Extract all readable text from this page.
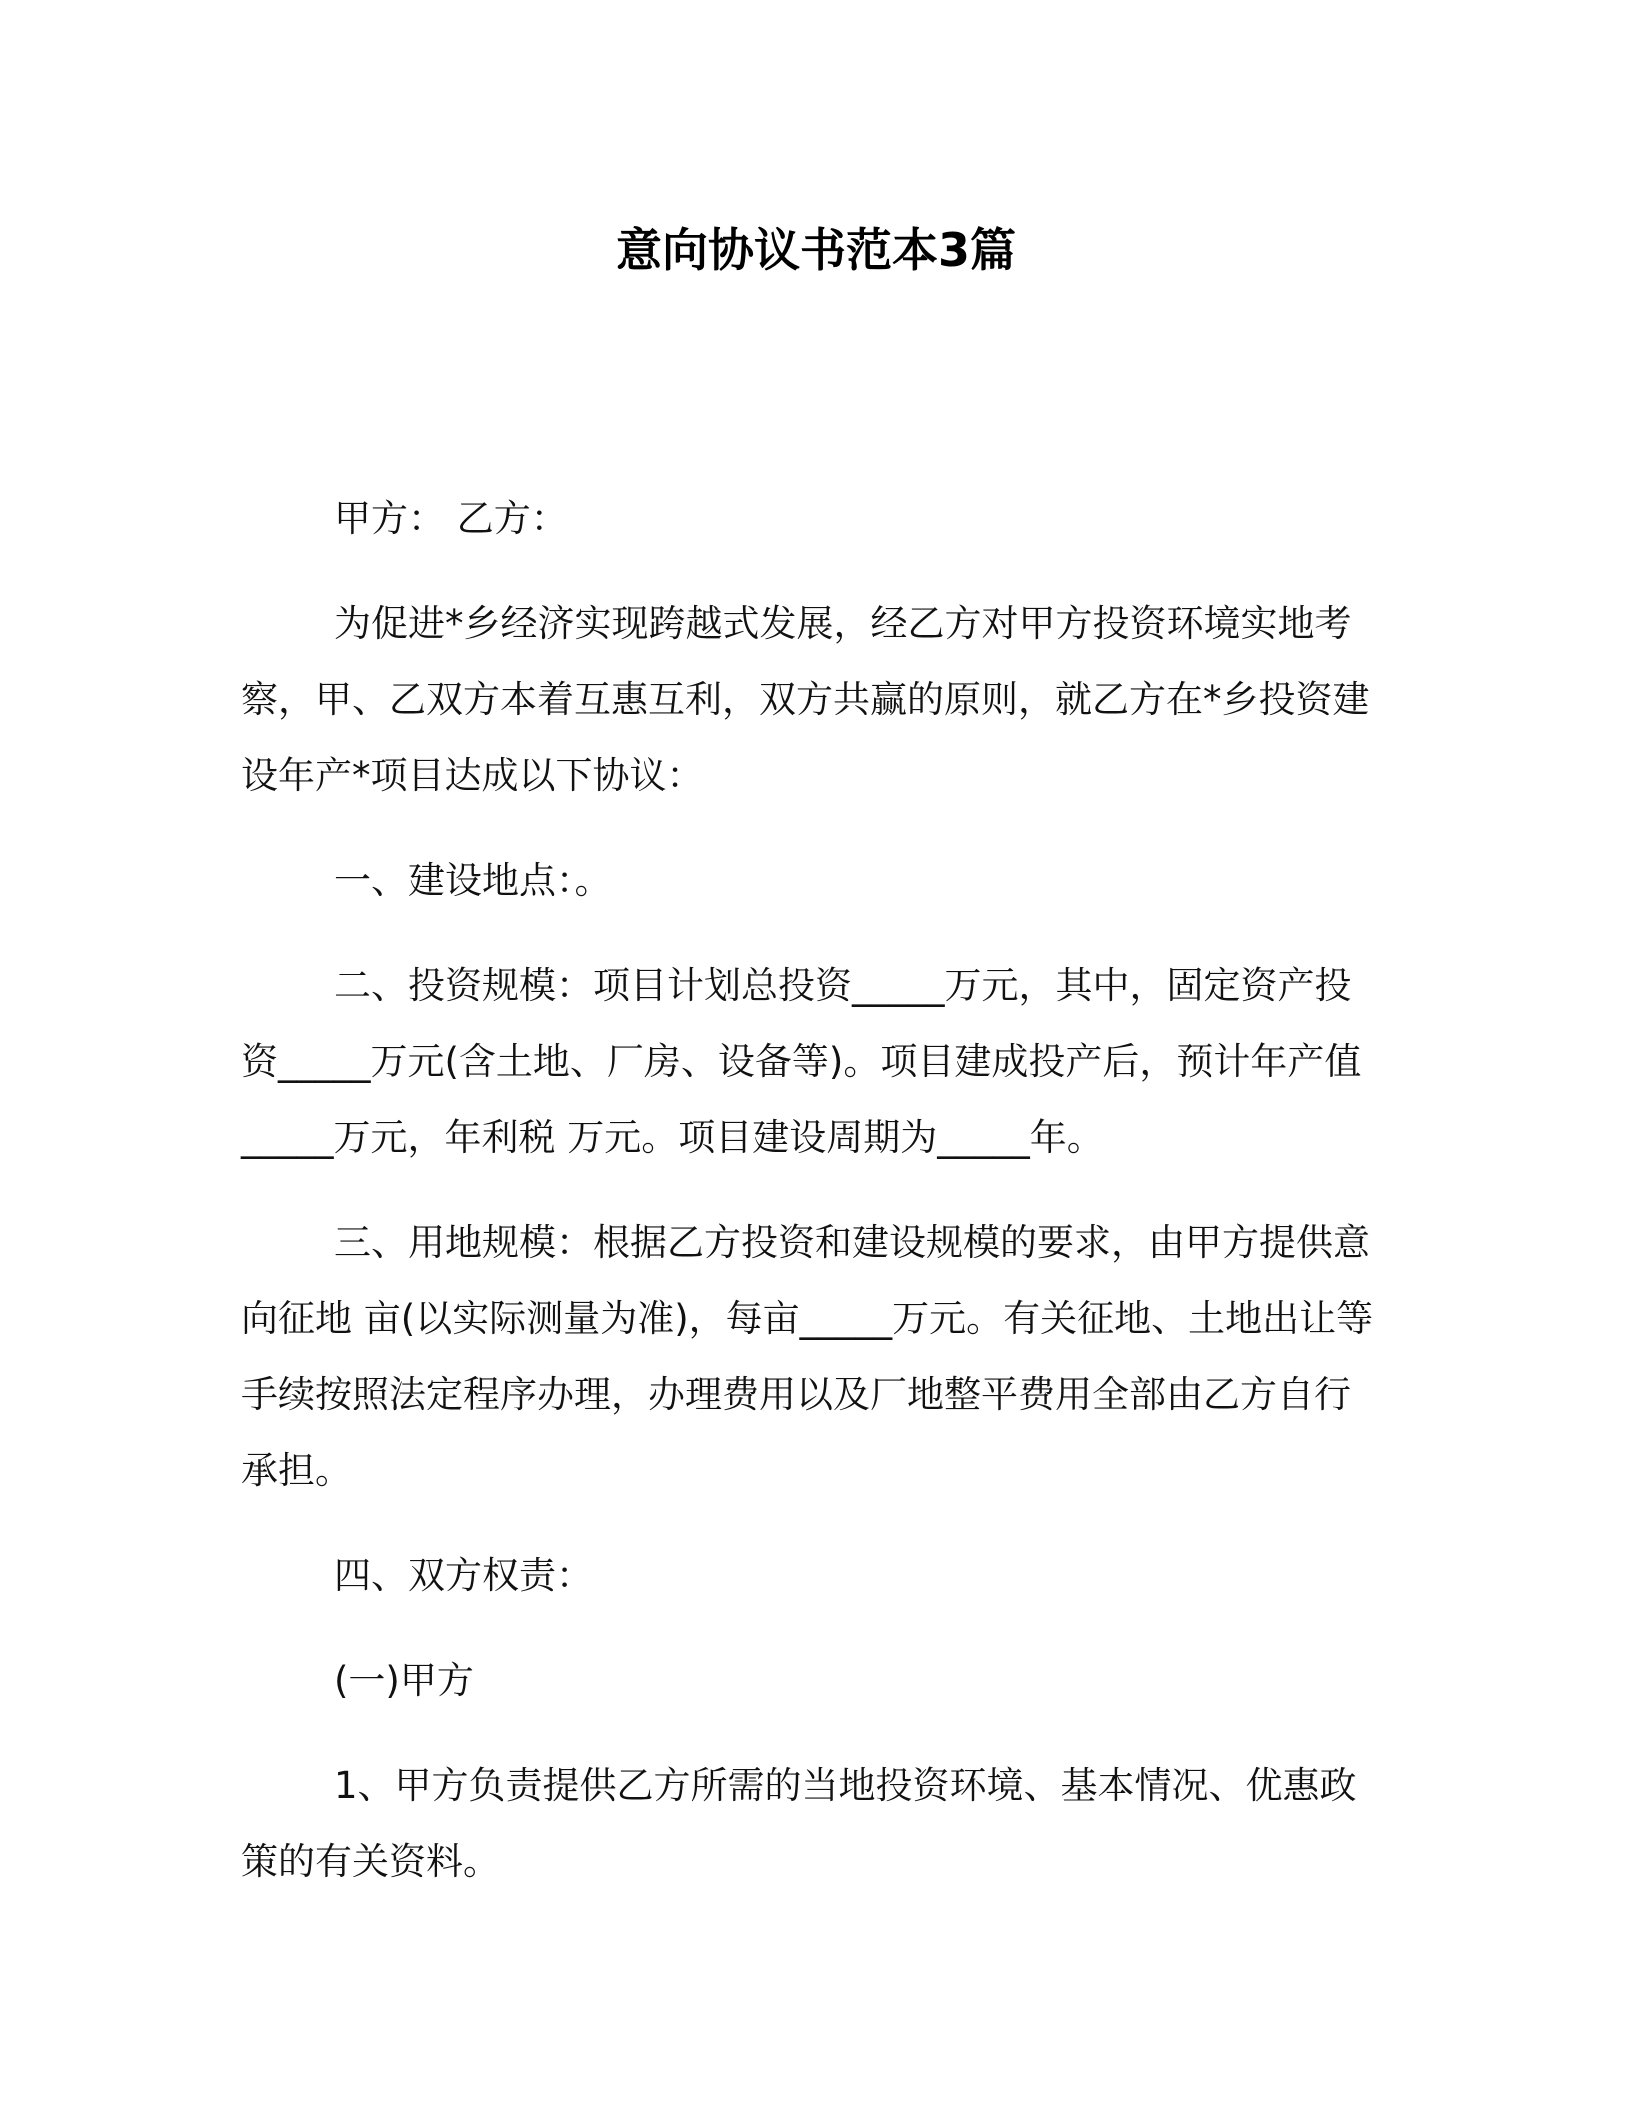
意向协议书范本3篇
甲方： 乙方：
为促进*乡经济实现跨越式发展，经乙方对甲方投资环境实地考
察，甲、乙双方本着互惠互利，双方共赢的原则，就乙方在*乡投资建
设年产*项目达成以下协议：
一、建设地点：。
二、投资规模：项目计划总投资_____万元，其中，固定资产投
资_____万元(含土地、厂房、设备等)。项目建成投产后，预计年产值
_____万元，年利税 万元。项目建设周期为_____年。
三、用地规模：根据乙方投资和建设规模的要求，由甲方提供意
向征地 亩(以实际测量为准)，每亩_____万元。有关征地、土地出让等
手续按照法定程序办理，办理费用以及厂地整平费用全部由乙方自行
承担。
四、双方权责：
(一)甲方
1、甲方负责提供乙方所需的当地投资环境、基本情况、优惠政
策的有关资料。
